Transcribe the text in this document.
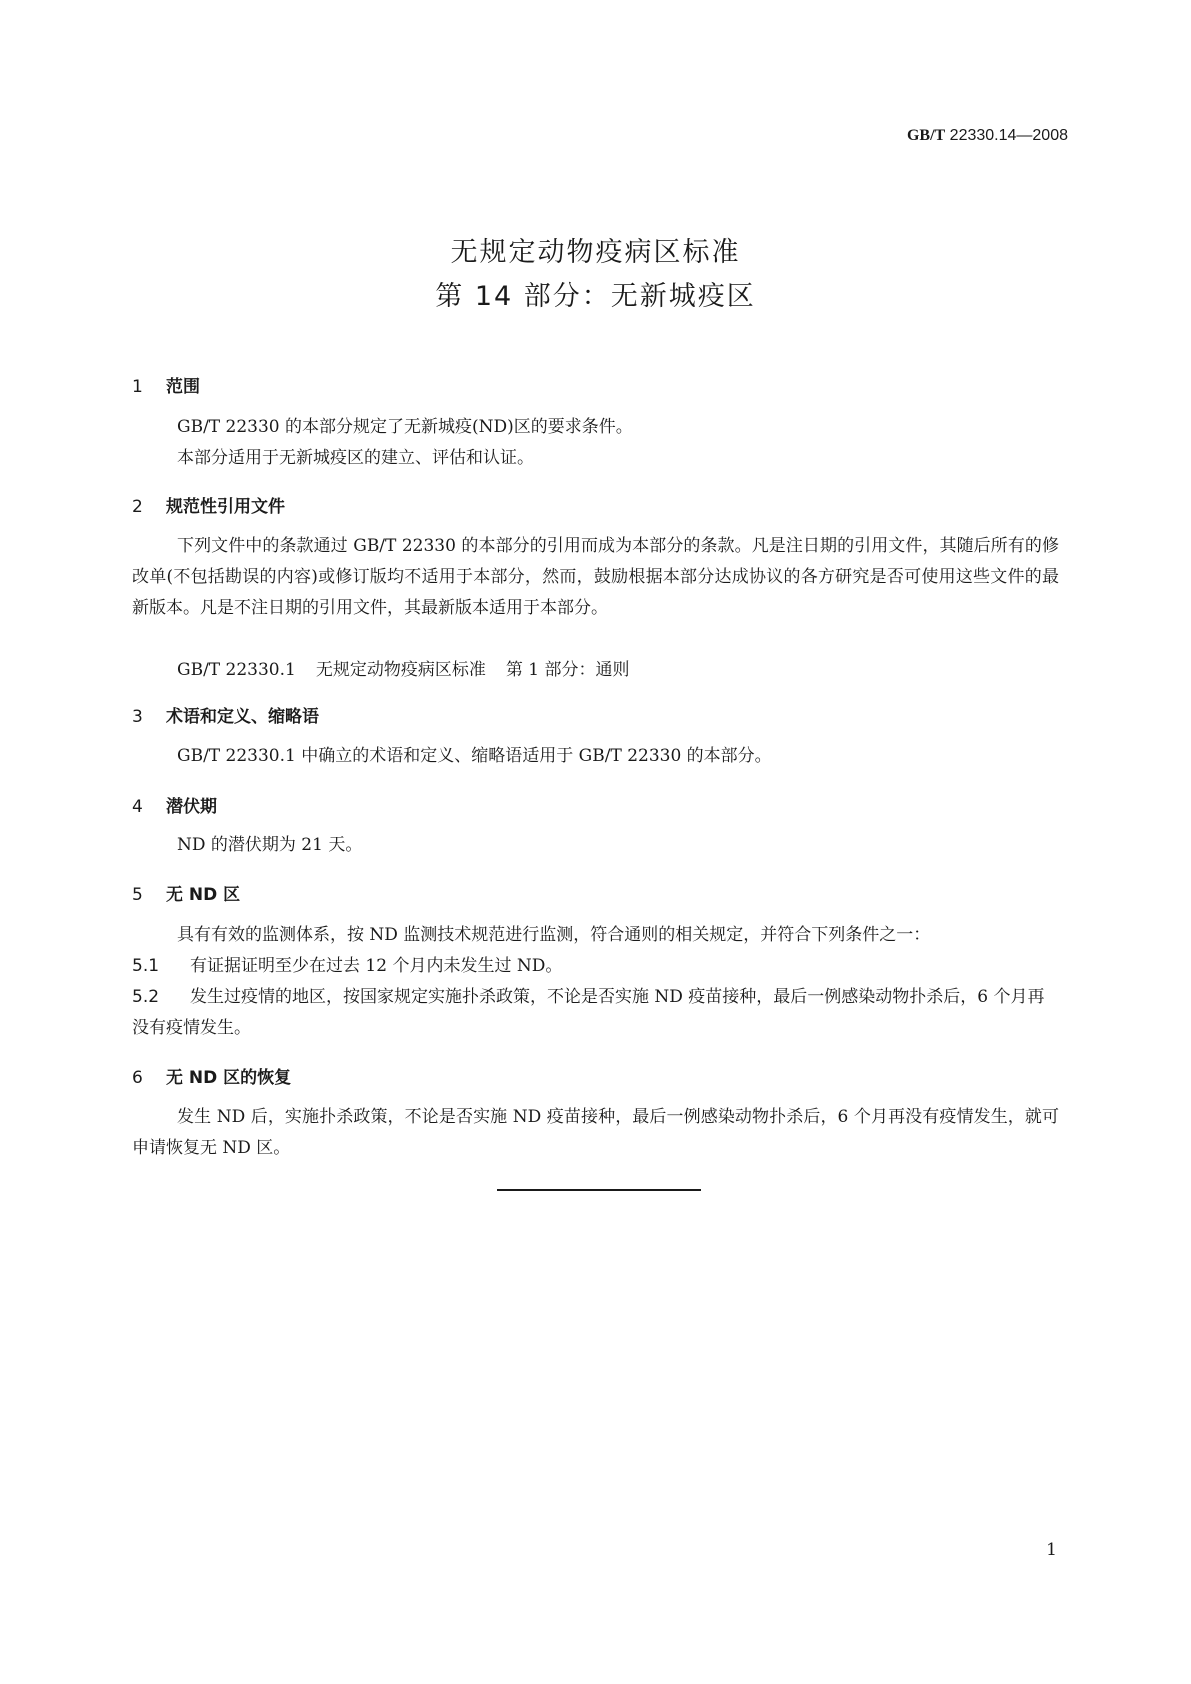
GB/T 22330.14—2008
无规定动物疫病区标准
第 14 部分：无新城疫区
1 范围
GB/T 22330 的本部分规定了无新城疫(ND)区的要求条件。
本部分适用于无新城疫区的建立、评估和认证。
2 规范性引用文件
下列文件中的条款通过 GB/T 22330 的本部分的引用而成为本部分的条款。凡是注日期的引用文件，其随后所有的修改单(不包括勘误的内容)或修订版均不适用于本部分，然而，鼓励根据本部分达成协议的各方研究是否可使用这些文件的最新版本。凡是不注日期的引用文件，其最新版本适用于本部分。
GB/T 22330.1 无规定动物疫病区标准 第 1 部分：通则
3 术语和定义、缩略语
GB/T 22330.1 中确立的术语和定义、缩略语适用于 GB/T 22330 的本部分。
4 潜伏期
ND 的潜伏期为 21 天。
5 无 ND 区
具有有效的监测体系，按 ND 监测技术规范进行监测，符合通则的相关规定，并符合下列条件之一：
5.1 有证据证明至少在过去 12 个月内未发生过 ND。
5.2 发生过疫情的地区，按国家规定实施扑杀政策，不论是否实施 ND 疫苗接种，最后一例感染动物扑杀后，6 个月再没有疫情发生。
6 无 ND 区的恢复
发生 ND 后，实施扑杀政策，不论是否实施 ND 疫苗接种，最后一例感染动物扑杀后，6 个月再没有疫情发生，就可申请恢复无 ND 区。
1
